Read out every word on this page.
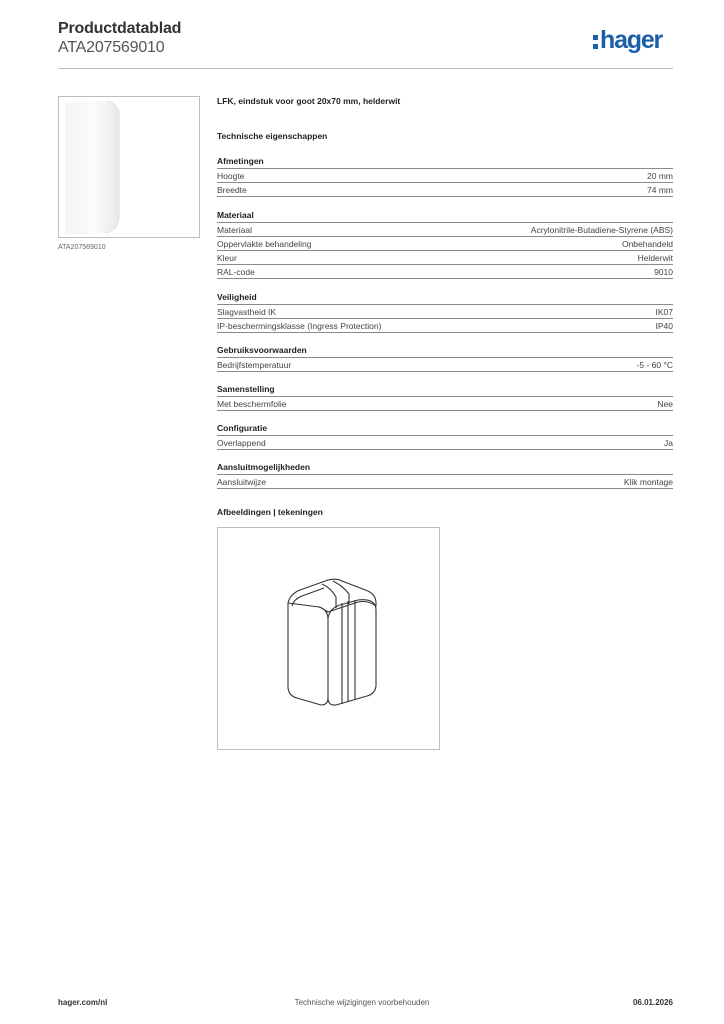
Productdatablad
ATA207569010	hager
ATA207569010
LFK, eindstuk voor goot 20x70 mm, helderwit
Technische eigenschappen
Afmetingen
Hoogte	20 mm
Breedte	74 mm
Materiaal
Materiaal	Acrylonitrile-Butadiene-Styrene (ABS)
Oppervlakte behandeling	Onbehandeld
Kleur	Helderwit
RAL-code	9010
Veiligheid
Slagvastheid IK	IK07
IP-beschermingsklasse (Ingress Protection)	IP40
Gebruiksvoorwaarden
Bedrijfstemperatuur	-5 - 60 °C
Samenstelling
Met beschermfolie	Nee
Configuratie
Overlappend	Ja
Aansluitmogelijkheden
Aansluitwijze	Klik montage
Afbeeldingen | tekeningen
hager.com/nl	Technische wijzigingen voorbehouden	06.01.2026
